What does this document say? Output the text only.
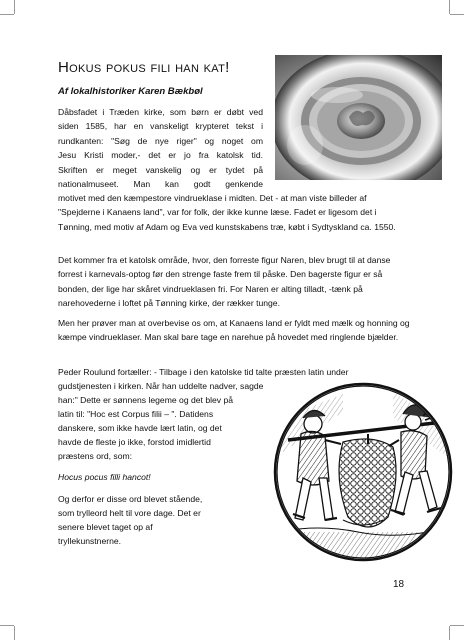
Hokus pokus fili han kat!
Af lokalhistoriker Karen Bækbøl
Dåbsfadet i Træden kirke, som børn er døbt ved
siden 1585, har en vanskeligt krypteret tekst i
rundkanten: "Søg de nye riger" og noget om
Jesu Kristi moder,- det er jo fra katolsk tid.
Skriften er meget vanskelig og er tydet på
nationalmuseet. Man kan godt genkende
motivet med den kæmpestore vindrueklase i midten. Det - at man viste billeder af "Spejderne i Kanaens land", var for folk, der ikke kunne læse. Fadet er ligesom det i Tønning, med motiv af Adam og Eva ved kunstskabens træ, købt i Sydtyskland ca. 1550.
Det kommer fra et katolsk område, hvor, den forreste figur Naren, blev brugt til at danse forrest i karnevals-optog før den strenge faste frem til påske. Den bagerste figur er så bonden, der lige har skåret vindrueklasen fri. For Naren er alting tilladt, -tænk på narehovederne i loftet på Tønning kirke, der rækker tunge.
Men her prøver man at overbevise os om, at Kanaens land er fyldt med mælk og honning og kæmpe vindrueklaser. Man skal bare tage en narehue på hovedet med ringlende bjælder.
Peder Roulund fortæller: - Tilbage i den katolske tid talte præsten latin under
gudstjenesten i kirken. Når han uddelte nadver, sagde
han:" Dette er sønnens legeme og det blev på
latin til: "Hoc est Corpus filii – ". Datidens
danskere, som ikke havde lært latin, og det
havde de fleste jo ikke, forstod imidlertid
præstens ord, som:
Hocus pocus filli hancot!
Og derfor er disse ord blevet stående,
som trylleord helt til vore dage. Det er
senere blevet taget op af
tryllekunstnerne.
18
